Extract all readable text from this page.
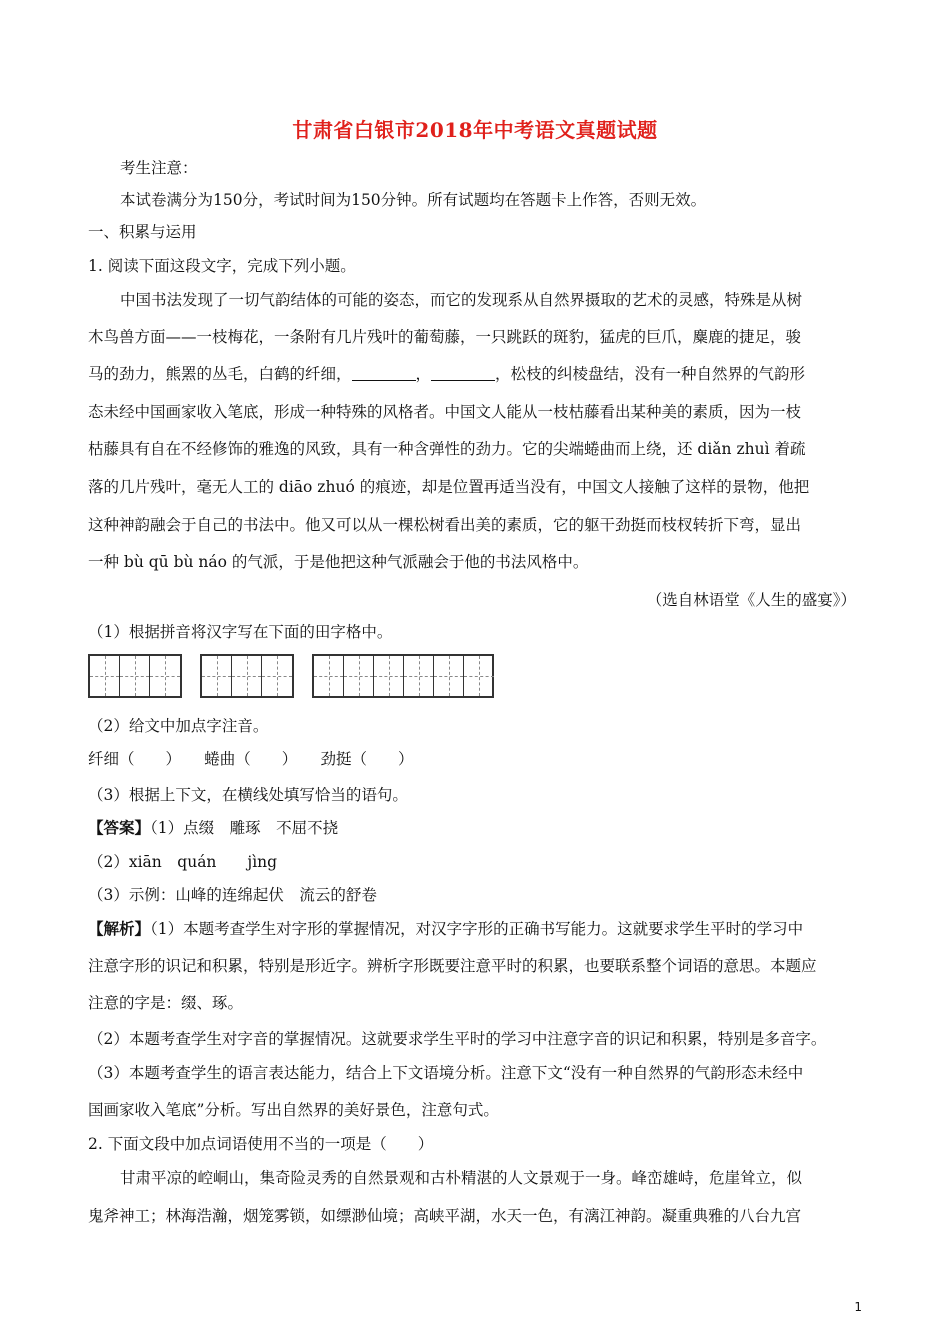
甘肃省白银市2018年中考语文真题试题
考生注意：
本试卷满分为150分，考试时间为150分钟。所有试题均在答题卡上作答，否则无效。
一、积累与运用
1. 阅读下面这段文字，完成下列小题。
中国书法发现了一切气韵结体的可能的姿态，而它的发现系从自然界摄取的艺术的灵感，特殊是从树
木鸟兽方面——一枝梅花，一条附有几片残叶的葡萄藤，一只跳跃的斑豹，猛虎的巨爪，麋鹿的捷足，骏
马的劲力，熊罴的丛毛，白鹤的纤细，	，	，松枝的纠棱盘结，没有一种自然界的气韵形
态未经中国画家收入笔底，形成一种特殊的风格者。中国文人能从一枝枯藤看出某种美的素质，因为一枝
枯藤具有自在不经修饰的雅逸的风致，具有一种含弹性的劲力。它的尖端蜷曲而上绕，还 diǎn zhuì 着疏
落的几片残叶，毫无人工的 diāo zhuó 的痕迹，却是位置再适当没有，中国文人接触了这样的景物，他把
这种神韵融会于自己的书法中。他又可以从一棵松树看出美的素质，它的躯干劲挺而枝杈转折下弯，显出
一种 bù qū bù náo 的气派，于是他把这种气派融会于他的书法风格中。
（选自林语堂《人生的盛宴》）
（1）根据拼音将汉字写在下面的田字格中。
（2）给文中加点字注音。
纤细（　　）　　蜷曲（　　）　　劲挺（　　）
（3）根据上下文，在横线处填写恰当的语句。
【答案】（1）点缀　雕琢　不屈不挠
（2）xiān　quán　　jìng
（3）示例：山峰的连绵起伏　流云的舒卷
【解析】（1）本题考查学生对字形的掌握情况，对汉字字形的正确书写能力。这就要求学生平时的学习中
注意字形的识记和积累，特别是形近字。辨析字形既要注意平时的积累，也要联系整个词语的意思。本题应
注意的字是：缀、琢。
（2）本题考查学生对字音的掌握情况。这就要求学生平时的学习中注意字音的识记和积累，特别是多音字。
（3）本题考查学生的语言表达能力，结合上下文语境分析。注意下文“没有一种自然界的气韵形态未经中
国画家收入笔底”分析。写出自然界的美好景色，注意句式。
2. 下面文段中加点词语使用不当的一项是（　　）
甘肃平凉的崆峒山，集奇险灵秀的自然景观和古朴精湛的人文景观于一身。峰峦雄峙，危崖耸立，似
鬼斧神工；林海浩瀚，烟笼雾锁，如缥渺仙境；高峡平湖，水天一色，有漓江神韵。凝重典雅的八台九宫
1
